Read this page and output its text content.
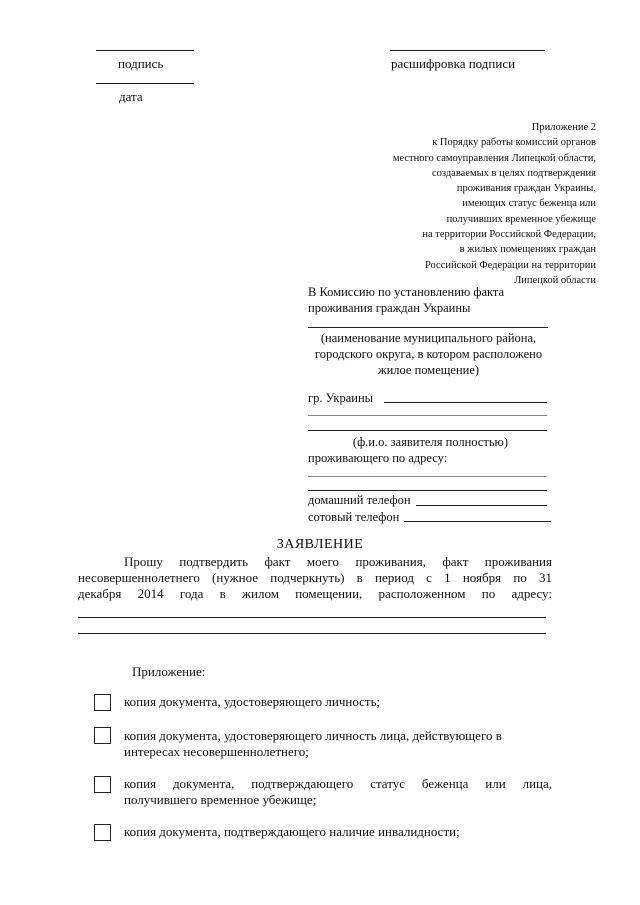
подпись	расшифровка подписи
дата
Приложение 2
к Порядку работы комиссий органов
местного самоуправления Липецкой области,
создаваемых в целях подтверждения
проживания граждан Украины,
имеющих статус беженца или
получивших временное убежище
на территории Российской Федерации,
в жилых помещениях граждан
Российской Федерации на территории
Липецкой области
В Комиссию по установлению факта
проживания граждан Украины
(наименование муниципального района,
городского округа, в котором расположено
жилое помещение)
гр. Украины
(ф.и.о. заявителя полностью)
проживающего по адресу:
домашний телефон
сотовый телефон
ЗАЯВЛЕНИЕ
Прошу подтвердить факт моего проживания, факт проживания
несовершеннолетнего (нужное подчеркнуть) в период с 1 ноября по 31
декабря 2014 года в жилом помещении, расположенном по адресу:
Приложение:
копия документа, удостоверяющего личность;
копия документа, удостоверяющего личность лица, действующего в
интересах несовершеннолетнего;
копия документа, подтверждающего статус беженца или лица,
получившего временное убежище;
копия документа, подтверждающего наличие инвалидности;
